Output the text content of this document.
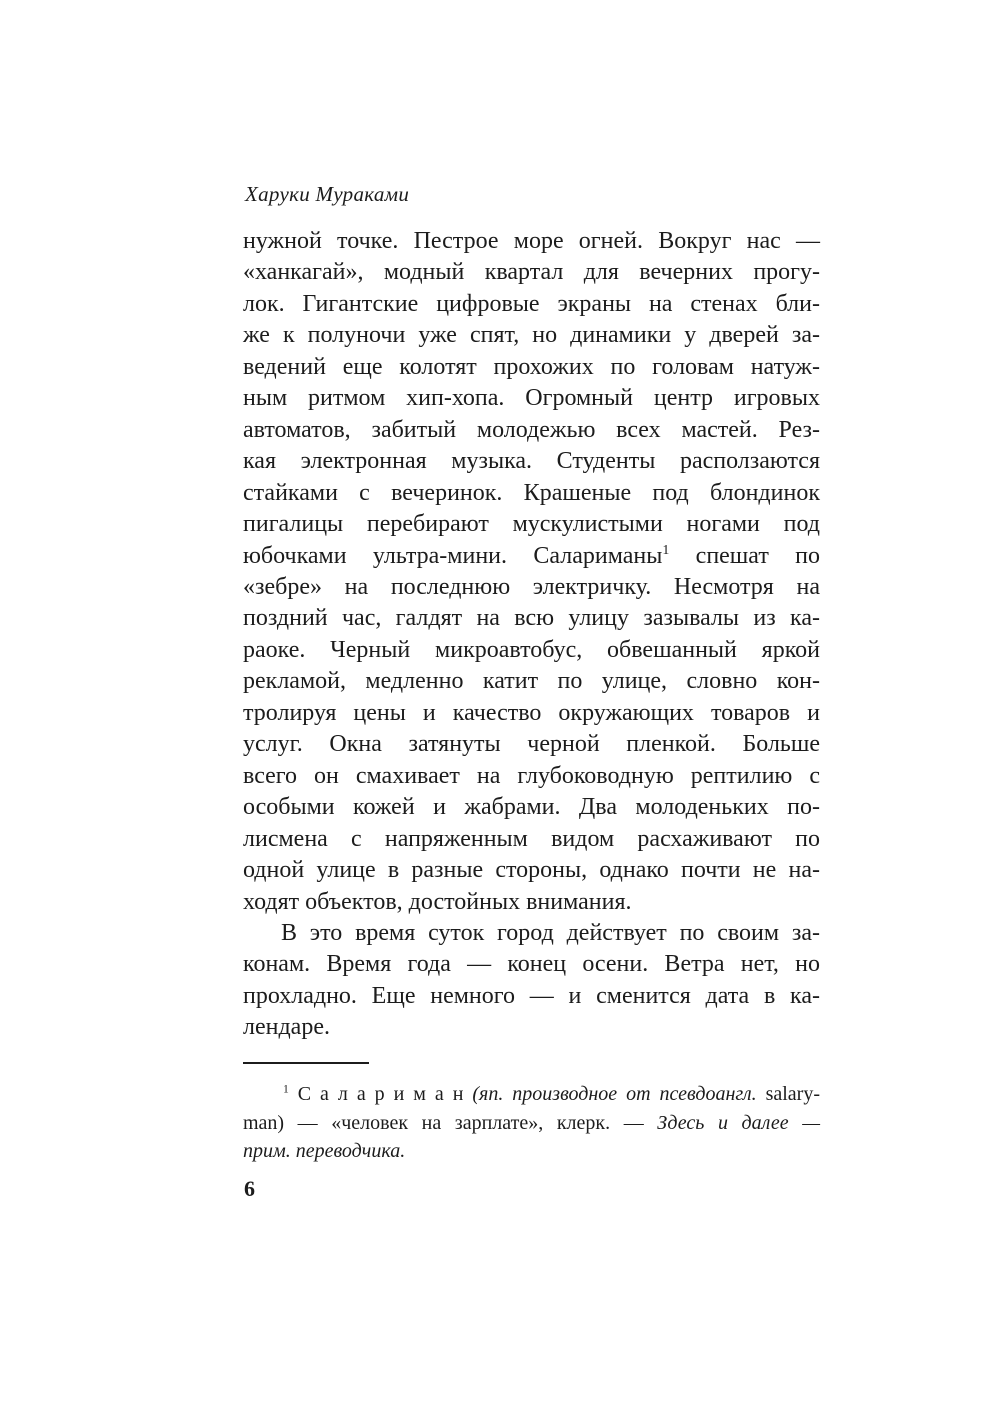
Харуки Мураками
нужной точке. Пестрое море огней. Вокруг нас —
«ханкагай», модный квартал для вечерних прогу-
лок. Гигантские цифровые экраны на стенах бли-
же к полуночи уже спят, но динамики у дверей за-
ведений еще колотят прохожих по головам натуж-
ным ритмом хип-хопа. Огромный центр игровых
автоматов, забитый молодежью всех мастей. Рез-
кая электронная музыка. Студенты расползаются
стайками с вечеринок. Крашеные под блондинок
пигалицы перебирают мускулистыми ногами под
юбочками ультра-мини. Салариманы$^1$ спешат по
«зебре» на последнюю электричку. Несмотря на
поздний час, галдят на всю улицу зазывалы из ка-
раоке. Черный микроавтобус, обвешанный яркой
рекламой, медленно катит по улице, словно кон-
тролируя цены и качество окружающих товаров и
услуг. Окна затянуты черной пленкой. Больше
всего он смахивает на глубоководную рептилию с
особыми кожей и жабрами. Два молоденьких по-
лисмена с напряженным видом расхаживают по
одной улице в разные стороны, однако почти не на-
ходят объектов, достойных внимания.
В это время суток город действует по своим за-
конам. Время года — конец осени. Ветра нет, но
прохладно. Еще немного — и сменится дата в ка-
лендаре.
$^1$ С а л а р и м а н (яп. производное от псевдоангл. salary-
man) — «человек на зарплате», клерк. — Здесь и далее —
прим. переводчика.
6
